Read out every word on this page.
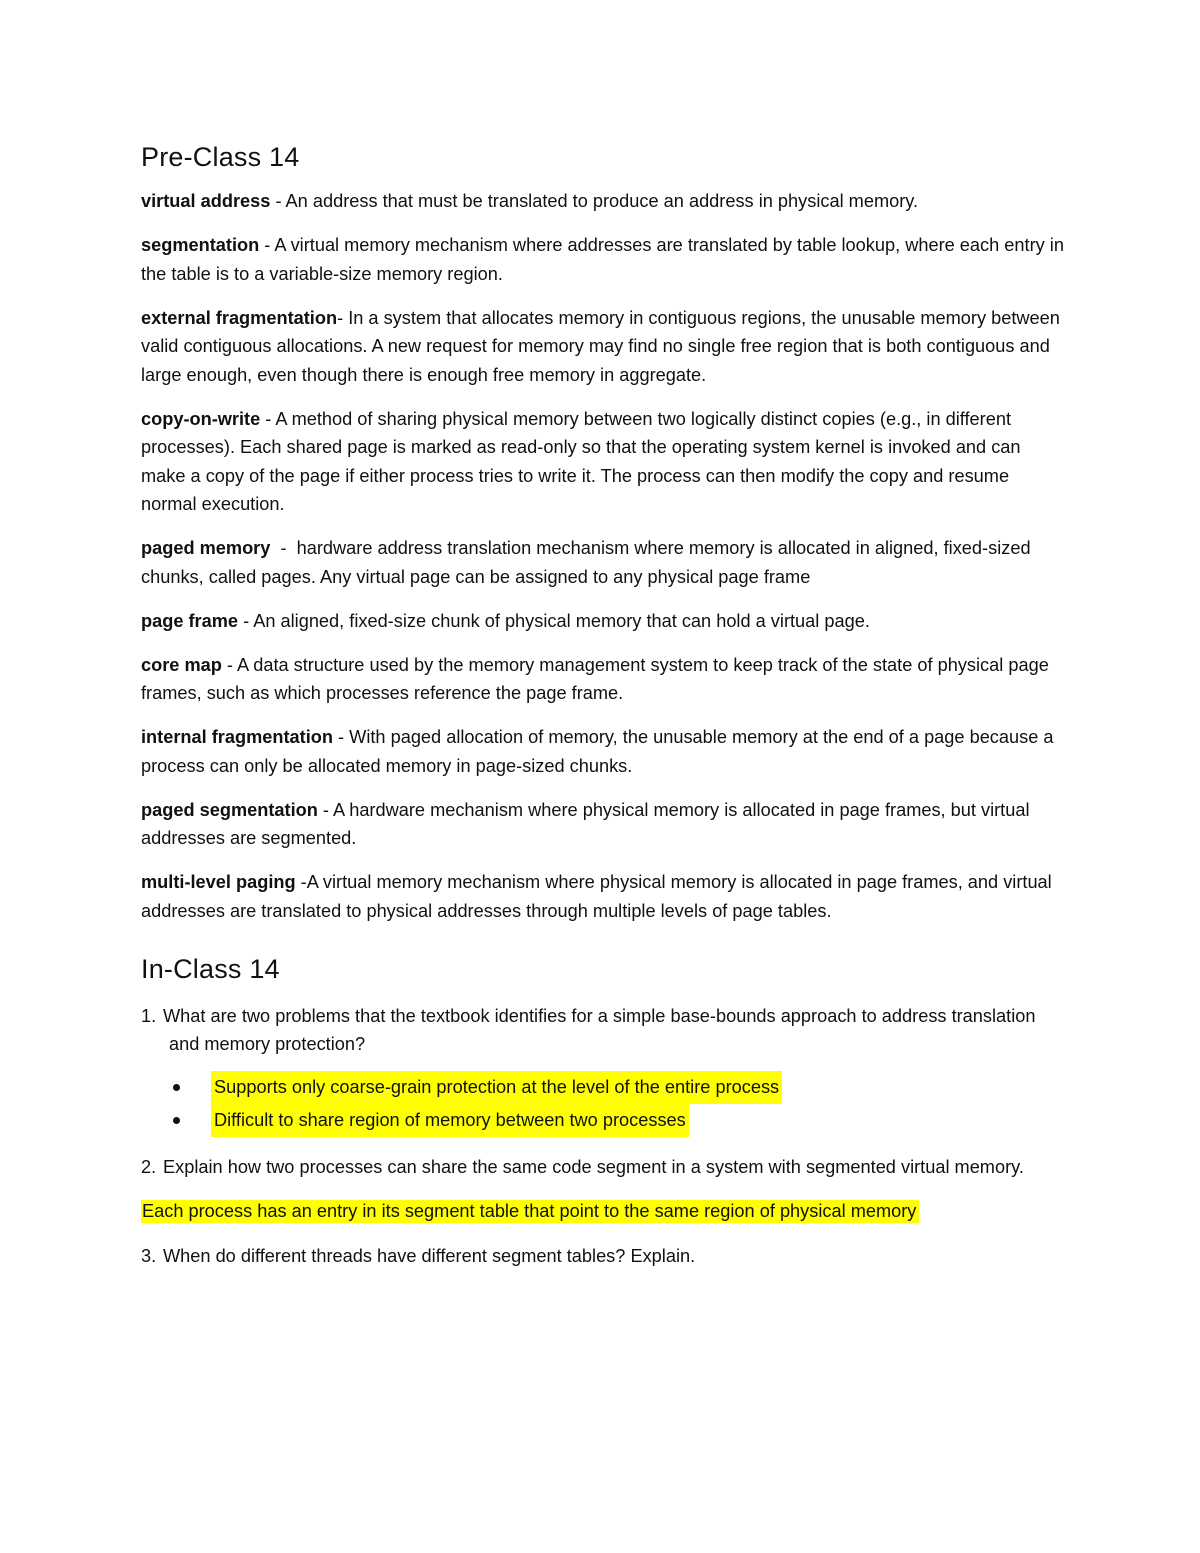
Pre-Class 14

virtual address - An address that must be translated to produce an address in physical memory.

segmentation - A virtual memory mechanism where addresses are translated by table lookup, where each entry in the table is to a variable-size memory region.

external fragmentation- In a system that allocates memory in contiguous regions, the unusable memory between valid contiguous allocations. A new request for memory may find no single free region that is both contiguous and large enough, even though there is enough free memory in aggregate.

copy-on-write - A method of sharing physical memory between two logically distinct copies (e.g., in different processes). Each shared page is marked as read-only so that the operating system kernel is invoked and can make a copy of the page if either process tries to write it. The process can then modify the copy and resume normal execution.

paged memory  -  hardware address translation mechanism where memory is allocated in aligned, fixed-sized chunks, called pages. Any virtual page can be assigned to any physical page frame

page frame - An aligned, fixed-size chunk of physical memory that can hold a virtual page.

core map - A data structure used by the memory management system to keep track of the state of physical page frames, such as which processes reference the page frame.

internal fragmentation - With paged allocation of memory, the unusable memory at the end of a page because a process can only be allocated memory in page-sized chunks.

paged segmentation - A hardware mechanism where physical memory is allocated in page frames, but virtual addresses are segmented.

multi-level paging -A virtual memory mechanism where physical memory is allocated in page frames, and virtual addresses are translated to physical addresses through multiple levels of page tables.

In-Class 14
1. What are two problems that the textbook identifies for a simple base-bounds approach to address translation and memory protection?
Supports only coarse-grain protection at the level of the entire process
Difficult to share region of memory between two processes
2. Explain how two processes can share the same code segment in a system with segmented virtual memory.

Each process has an entry in its segment table that point to the same region of physical memory

3. When do different threads have different segment tables? Explain.
